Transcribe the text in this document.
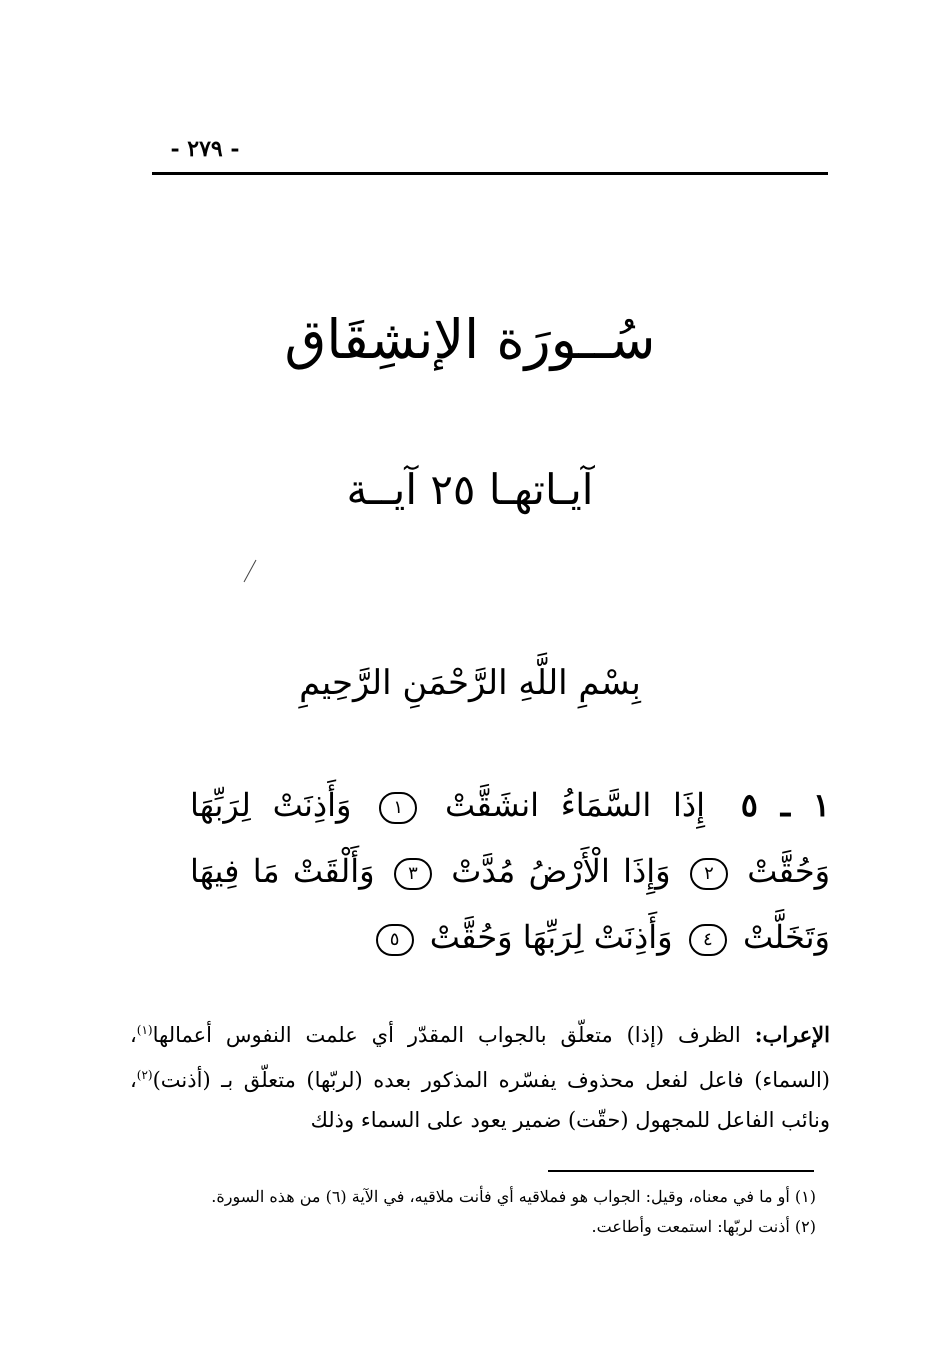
- ٢٧٩ -
سُــورَة الإنشِقَاق
آيـاتهـا ٢٥ آيــة
بِسْمِ اللَّهِ الرَّحْمَنِ الرَّحِيمِ
١ ـ ٥ إِذَا السَّمَاءُ انشَقَّتْ ١ وَأَذِنَتْ لِرَبِّهَا وَحُقَّتْ ٢ وَإِذَا الْأَرْضُ مُدَّتْ ٣ وَأَلْقَتْ مَا فِيهَا وَتَخَلَّتْ ٤ وَأَذِنَتْ لِرَبِّهَا وَحُقَّتْ ٥
الإعراب: الظرف (إذا) متعلّق بالجواب المقدّر أي علمت النفوس أعمالها$^{(١)}$، (السماء) فاعل لفعل محذوف يفسّره المذكور بعده (لربّها) متعلّق بـ (أذنت)$^{(٢)}$، ونائب الفاعل للمجهول (حقّت) ضمير يعود على السماء وذلك
(١) أو ما في معناه، وقيل: الجواب هو فملاقيه أي فأنت ملاقيه، في الآية (٦) من هذه السورة.
(٢) أذنت لربّها: استمعت وأطاعت.
